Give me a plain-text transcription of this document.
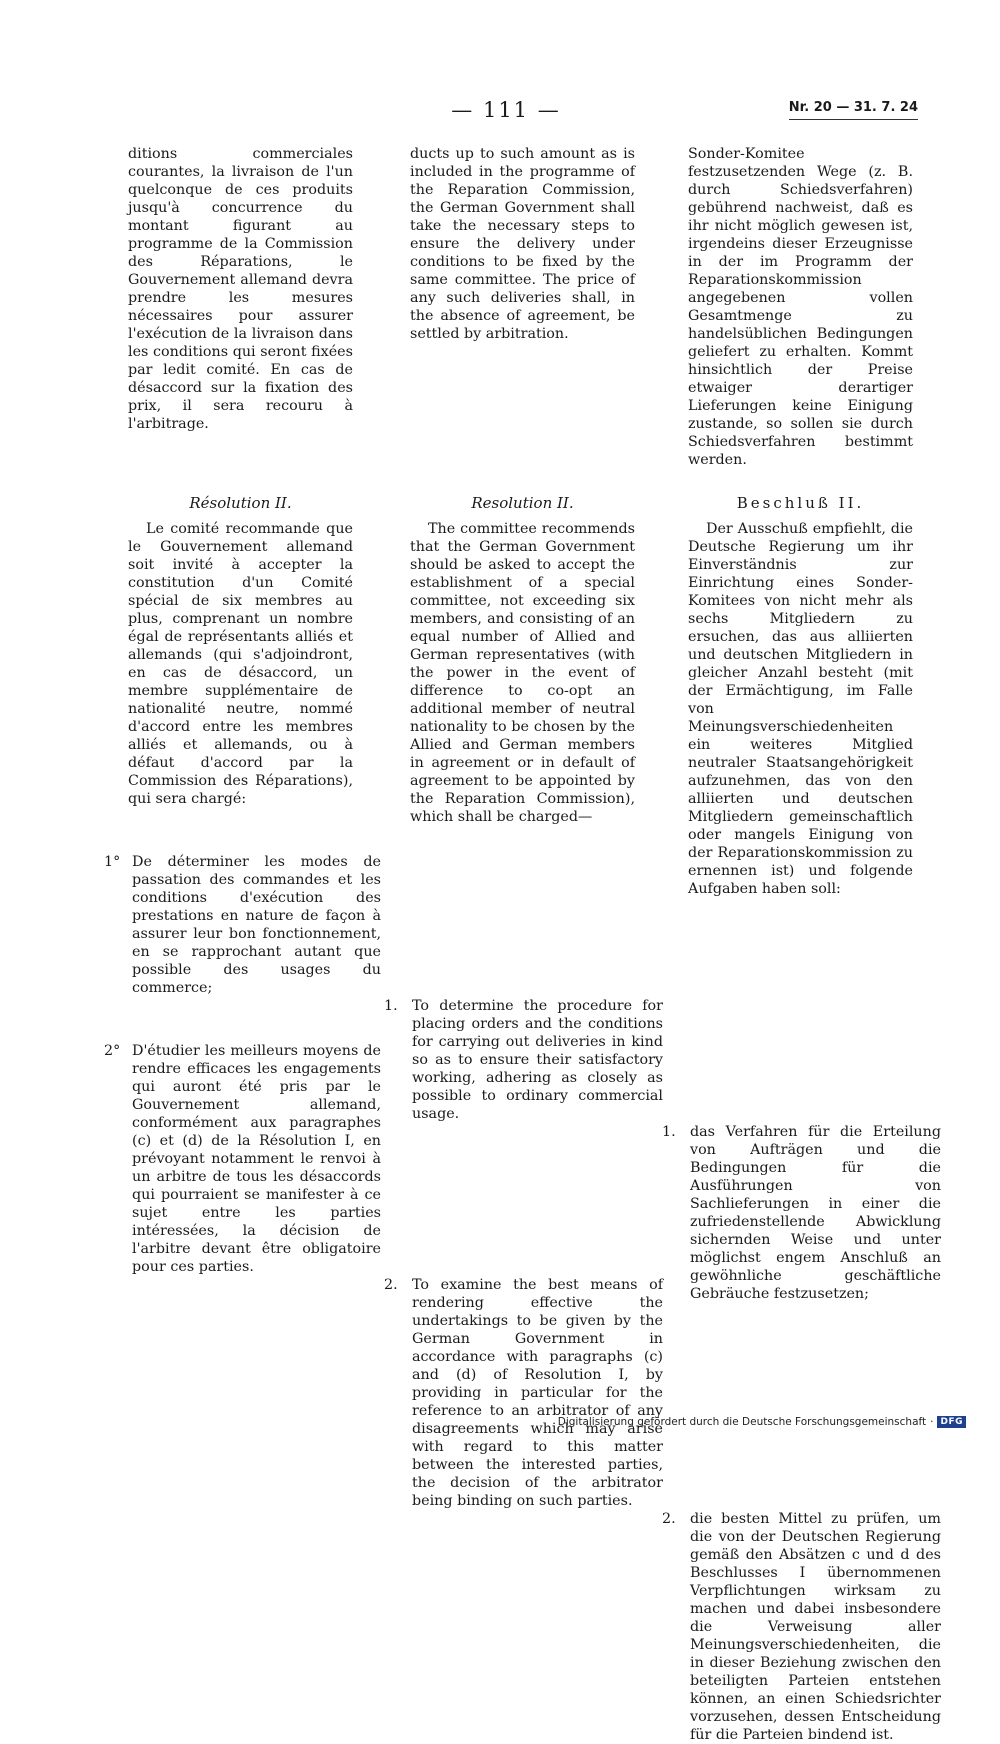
— 111 —	Nr. 20 — 31. 7. 24
ditions commerciales courantes, la livraison de l'un quelconque de ces produits jusqu'à concurrence du montant figurant au programme de la Commission des Réparations, le Gouvernement allemand devra prendre les mesures nécessaires pour assurer l'exécution de la livraison dans les conditions qui seront fixées par ledit comité. En cas de désaccord sur la fixation des prix, il sera recouru à l'arbitrage.
ducts up to such amount as is included in the programme of the Reparation Commission, the German Government shall take the necessary steps to ensure the delivery under conditions to be fixed by the same committee. The price of any such deliveries shall, in the absence of agreement, be settled by arbitration.
Sonder-Komitee festzusetzenden Wege (z. B. durch Schiedsverfahren) gebührend nachweist, daß es ihr nicht möglich gewesen ist, irgendeins dieser Erzeugnisse in der im Programm der Reparationskommission angegebenen vollen Gesamtmenge zu handelsüblichen Bedingungen geliefert zu erhalten. Kommt hinsichtlich der Preise etwaiger derartiger Lieferungen keine Einigung zustande, so sollen sie durch Schiedsverfahren bestimmt werden.
Résolution II.
Le comité recommande que le Gouvernement allemand soit invité à accepter la constitution d'un Comité spécial de six membres au plus, comprenant un nombre égal de représentants alliés et allemands (qui s'adjoindront, en cas de désaccord, un membre supplémentaire de nationalité neutre, nommé d'accord entre les membres alliés et allemands, ou à défaut d'accord par la Commission des Réparations), qui sera chargé:
Resolution II.
The committee recommends that the German Government should be asked to accept the establishment of a special committee, not exceeding six members, and consisting of an equal number of Allied and German representatives (with the power in the event of difference to co-opt an additional member of neutral nationality to be chosen by the Allied and German members in agreement or in default of agreement to be appointed by the Reparation Commission), which shall be charged—
Beschluß II.
Der Ausschuß empfiehlt, die Deutsche Regierung um ihr Einverständnis zur Einrichtung eines Sonder-Komitees von nicht mehr als sechs Mitgliedern zu ersuchen, das aus alliierten und deutschen Mitgliedern in gleicher Anzahl besteht (mit der Ermächtigung, im Falle von Meinungsverschiedenheiten ein weiteres Mitglied neutraler Staatsangehörigkeit aufzunehmen, das von den alliierten und deutschen Mitgliedern gemeinschaftlich oder mangels Einigung von der Reparationskommission zu ernennen ist) und folgende Aufgaben haben soll:
1° De déterminer les modes de passation des commandes et les conditions d'exécution des prestations en nature de façon à assurer leur bon fonctionnement, en se rapprochant autant que possible des usages du commerce;
1. To determine the procedure for placing orders and the conditions for carrying out deliveries in kind so as to ensure their satisfactory working, adhering as closely as possible to ordinary commercial usage.
1. das Verfahren für die Erteilung von Aufträgen und die Bedingungen für die Ausführungen von Sachlieferungen in einer die zufriedenstellende Abwicklung sichernden Weise und unter möglichst engem Anschluß an gewöhnliche geschäftliche Gebräuche festzusetzen;
2° D'étudier les meilleurs moyens de rendre efficaces les engagements qui auront été pris par le Gouvernement allemand, conformément aux paragraphes (c) et (d) de la Résolution I, en prévoyant notamment le renvoi à un arbitre de tous les désaccords qui pourraient se manifester à ce sujet entre les parties intéressées, la décision de l'arbitre devant être obligatoire pour ces parties.
2. To examine the best means of rendering effective the undertakings to be given by the German Government in accordance with paragraphs (c) and (d) of Resolution I, by providing in particular for the reference to an arbitrator of any disagreements which may arise with regard to this matter between the interested parties, the decision of the arbitrator being binding on such parties.
2. die besten Mittel zu prüfen, um die von der Deutschen Regierung gemäß den Absätzen c und d des Beschlusses I übernommenen Verpflichtungen wirksam zu machen und dabei insbesondere die Verweisung aller Meinungsverschiedenheiten, die in dieser Beziehung zwischen den beteiligten Parteien entstehen können, an einen Schiedsrichter vorzusehen, dessen Entscheidung für die Parteien bindend ist.
Digitalisierung gefördert durch die Deutsche Forschungsgemeinschaft · DFG
